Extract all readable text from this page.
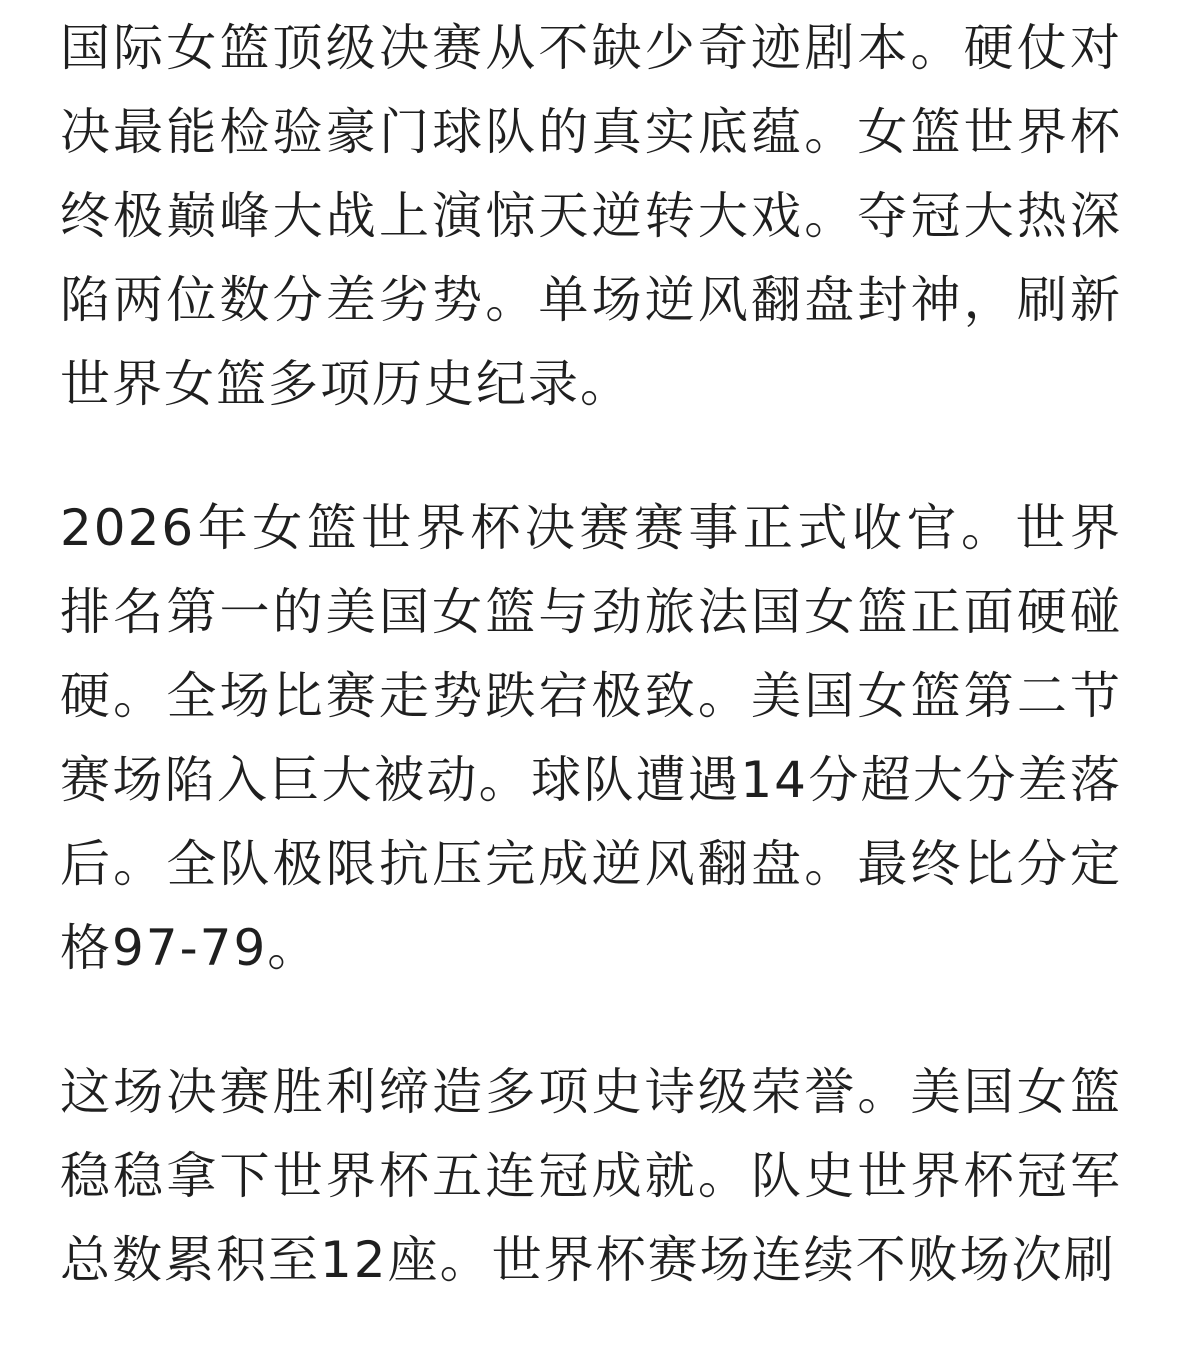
国际女篮顶级决赛从不缺少奇迹剧本。硬仗对决最能检验豪门球队的真实底蕴。女篮世界杯终极巅峰大战上演惊天逆转大戏。夺冠大热深陷两位数分差劣势。单场逆风翻盘封神，刷新世界女篮多项历史纪录。

2026年女篮世界杯决赛赛事正式收官。世界排名第一的美国女篮与劲旅法国女篮正面硬碰硬。全场比赛走势跌宕极致。美国女篮第二节赛场陷入巨大被动。球队遭遇14分超大分差落后。全队极限抗压完成逆风翻盘。最终比分定格97-79。

这场决赛胜利缔造多项史诗级荣誉。美国女篮稳稳拿下世界杯五连冠成就。队史世界杯冠军总数累积至12座。世界杯赛场连续不败场次刷
